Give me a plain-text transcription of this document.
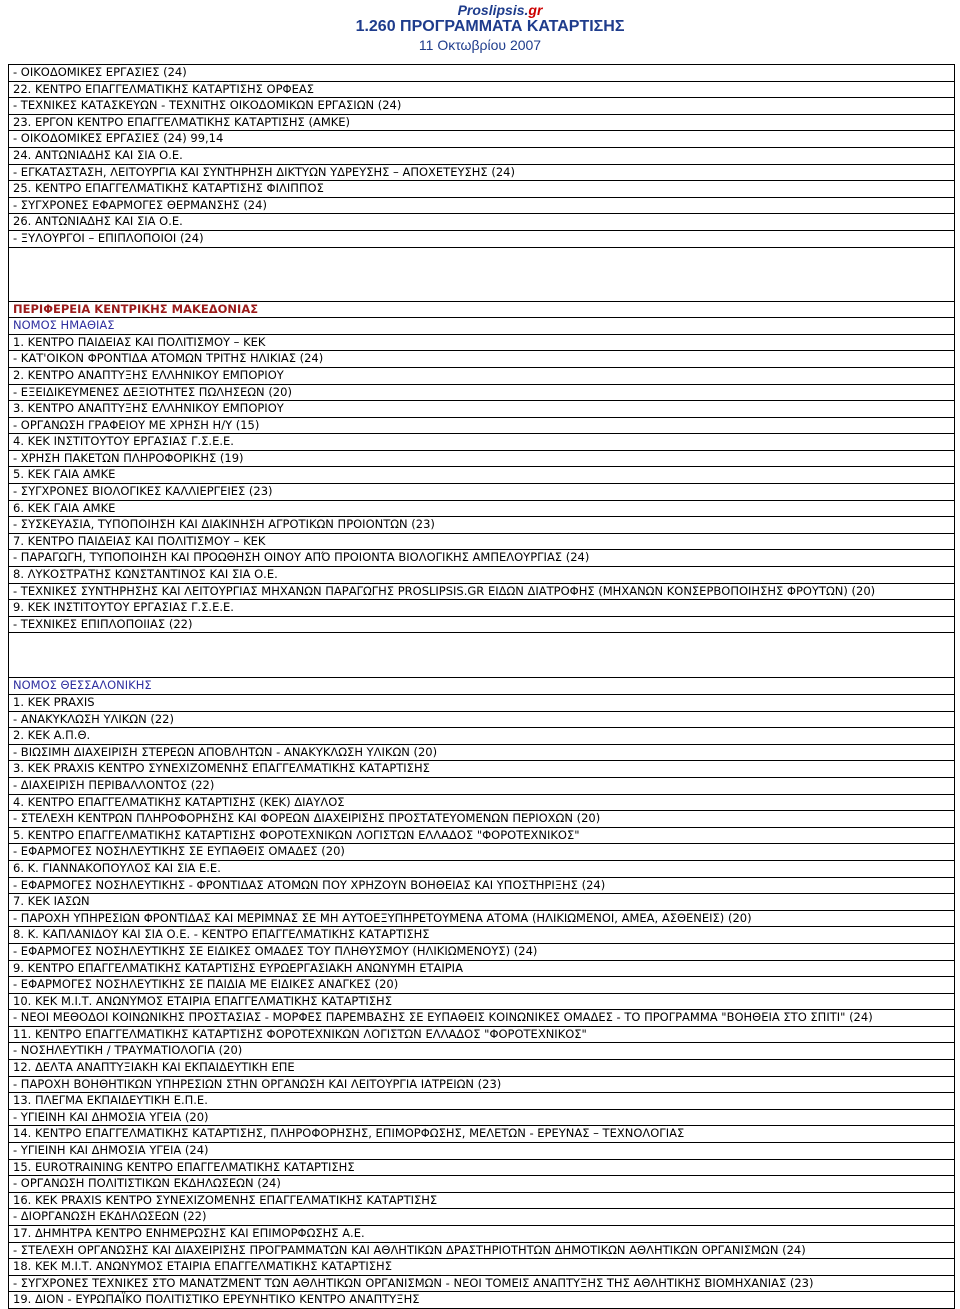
Proslipsis.gr
1.260 ΠΡΟΓΡΑΜΜΑΤΑ ΚΑΤΑΡΤΙΣΗΣ
11 Οκτωβρίου 2007
- ΟΙΚΟΔΟΜΙΚΕΣ ΕΡΓΑΣΙΕΣ (24)
22. ΚΕΝΤΡΟ ΕΠΑΓΓΕΛΜΑΤΙΚΗΣ ΚΑΤΑΡΤΙΣΗΣ ΟΡΦΕΑΣ
- ΤΕΧΝΙΚΕΣ ΚΑΤΑΣΚΕΥΩΝ - ΤΕΧΝΙΤΗΣ ΟΙΚΟΔΟΜΙΚΩΝ ΕΡΓΑΣΙΩΝ (24)
23. ΕΡΓΟΝ ΚΕΝΤΡΟ ΕΠΑΓΓΕΛΜΑΤΙΚΗΣ ΚΑΤΑΡΤΙΣΗΣ (ΑΜΚΕ)
- ΟΙΚΟΔΟΜΙΚΕΣ ΕΡΓΑΣΙΕΣ (24) 99,14
24. ΑΝΤΩΝΙΑΔΗΣ ΚΑΙ ΣΙΑ Ο.Ε.
- ΕΓΚΑΤΑΣΤΑΣΗ, ΛΕΙΤΟΥΡΓΙΑ ΚΑΙ ΣΥΝΤΗΡΗΣΗ ΔΙΚΤΥΩΝ ΥΔΡΕΥΣΗΣ – ΑΠΟΧΕΤΕΥΣΗΣ (24)
25. ΚΕΝΤΡΟ ΕΠΑΓΓΕΛΜΑΤΙΚΗΣ ΚΑΤΑΡΤΙΣΗΣ ΦΙΛΙΠΠΟΣ
- ΣΥΓΧΡΟΝΕΣ ΕΦΑΡΜΟΓΕΣ ΘΕΡΜΑΝΣΗΣ (24)
26. ΑΝΤΩΝΙΑΔΗΣ ΚΑΙ ΣΙΑ Ο.Ε.
- ΞΥΛΟΥΡΓΟΙ – ΕΠΙΠΛΟΠΟΙΟΙ (24)

ΠΕΡΙΦΕΡΕΙΑ ΚΕΝΤΡΙΚΗΣ ΜΑΚΕΔΟΝΙΑΣ
ΝΟΜΟΣ ΗΜΑΘΙΑΣ
1. ΚΕΝΤΡΟ ΠΑΙΔΕΙΑΣ ΚΑΙ ΠΟΛΙΤΙΣΜΟΥ – ΚΕΚ
- ΚΑΤ'ΟΙΚΟΝ ΦΡΟΝΤΙΔΑ ΑΤΟΜΩΝ ΤΡΙΤΗΣ ΗΛΙΚΙΑΣ (24)
2. ΚΕΝΤΡΟ ΑΝΑΠΤΥΞΗΣ ΕΛΛΗΝΙΚΟΥ ΕΜΠΟΡΙΟΥ
- ΕΞΕΙΔΙΚΕΥΜΕΝΕΣ ΔΕΞΙΟΤΗΤΕΣ ΠΩΛΗΣΕΩΝ (20)
3. ΚΕΝΤΡΟ ΑΝΑΠΤΥΞΗΣ ΕΛΛΗΝΙΚΟΥ ΕΜΠΟΡΙΟΥ
- ΟΡΓΑΝΩΣΗ ΓΡΑΦΕΙΟΥ ΜΕ ΧΡΗΣΗ Η/Υ (15)
4. ΚΕΚ ΙΝΣΤΙΤΟΥΤΟΥ ΕΡΓΑΣΙΑΣ Γ.Σ.Ε.Ε.
- ΧΡΗΣΗ ΠΑΚΕΤΩΝ ΠΛΗΡΟΦΟΡΙΚΗΣ (19)
5. ΚΕΚ ΓΑΙΑ ΑΜΚΕ
- ΣΥΓΧΡΟΝΕΣ ΒΙΟΛΟΓΙΚΕΣ ΚΑΛΛΙΕΡΓΕΙΕΣ (23)
6. ΚΕΚ ΓΑΙΑ ΑΜΚΕ
- ΣΥΣΚΕΥΑΣΙΑ, ΤΥΠΟΠΟΙΗΣΗ ΚΑΙ ΔΙΑΚΙΝΗΣΗ ΑΓΡΟΤΙΚΩΝ ΠΡΟΙΟΝΤΩΝ (23)
7. ΚΕΝΤΡΟ ΠΑΙΔΕΙΑΣ ΚΑΙ ΠΟΛΙΤΙΣΜΟΥ – ΚΕΚ
- ΠΑΡΑΓΩΓΗ, ΤΥΠΟΠΟΙΗΣΗ ΚΑΙ ΠΡΟΩΘΗΣΗ ΟΙΝΟΥ ΑΠΌ ΠΡΟΙΟΝΤΑ ΒΙΟΛΟΓΙΚΗΣ ΑΜΠΕΛΟΥΡΓΙΑΣ (24)
8. ΛΥΚΟΣΤΡΑΤΗΣ ΚΩΝΣΤΑΝΤΙΝΟΣ ΚΑΙ ΣΙΑ Ο.Ε.
- ΤΕΧΝΙΚΕΣ ΣΥΝΤΗΡΗΣΗΣ ΚΑΙ ΛΕΙΤΟΥΡΓΙΑΣ ΜΗΧΑΝΩΝ ΠΑΡΑΓΩΓΗΣ PROSLIPSIS.GR ΕΙΔΩΝ ΔΙΑΤΡΟΦΗΣ (ΜΗΧΑΝΩΝ ΚΟΝΣΕΡΒΟΠΟΙΗΣΗΣ ΦΡΟΥΤΩΝ) (20)
9. ΚΕΚ ΙΝΣΤΙΤΟΥΤΟΥ ΕΡΓΑΣΙΑΣ Γ.Σ.Ε.Ε.
- ΤΕΧΝΙΚΕΣ ΕΠΙΠΛΟΠΟΙΙΑΣ (22)

ΝΟΜΟΣ ΘΕΣΣΑΛΟΝΙΚΗΣ
1. ΚΕΚ PRAXIS
- ΑΝΑΚΥΚΛΩΣΗ ΥΛΙΚΩΝ (22)
2. ΚΕΚ Α.Π.Θ.
- ΒΙΩΣΙΜΗ ΔΙΑΧΕΙΡΙΣΗ ΣΤΕΡΕΩΝ ΑΠΟΒΛΗΤΩΝ - ΑΝΑΚΥΚΛΩΣΗ ΥΛΙΚΩΝ (20)
3. ΚΕΚ PRAXIS ΚΕΝΤΡΟ ΣΥΝΕΧΙΖΟΜΕΝΗΣ ΕΠΑΓΓΕΛΜΑΤΙΚΗΣ ΚΑΤΑΡΤΙΣΗΣ
- ΔΙΑΧΕΙΡΙΣΗ ΠΕΡΙΒΑΛΛΟΝΤΟΣ (22)
4. ΚΕΝΤΡΟ ΕΠΑΓΓΕΛΜΑΤΙΚΗΣ ΚΑΤΑΡΤΙΣΗΣ (ΚΕΚ) ΔΙΑΥΛΟΣ
- ΣΤΕΛΕΧΗ ΚΕΝΤΡΩΝ ΠΛΗΡΟΦΟΡΗΣΗΣ ΚΑΙ ΦΟΡΕΩΝ ΔΙΑΧΕΙΡΙΣΗΣ ΠΡΟΣΤΑΤΕΥΟΜΕΝΩΝ ΠΕΡΙΟΧΩΝ (20)
5. ΚΕΝΤΡΟ ΕΠΑΓΓΕΛΜΑΤΙΚΗΣ ΚΑΤΑΡΤΙΣΗΣ ΦΟΡΟΤΕΧΝΙΚΩΝ ΛΟΓΙΣΤΩΝ ΕΛΛΑΔΟΣ "ΦΟΡΟΤΕΧΝΙΚΟΣ"
- ΕΦΑΡΜΟΓΕΣ ΝΟΣΗΛΕΥΤΙΚΗΣ ΣΕ ΕΥΠΑΘΕΙΣ ΟΜΑΔΕΣ (20)
6. Κ. ΓΙΑΝΝΑΚΟΠΟΥΛΟΣ ΚΑΙ ΣΙΑ Ε.Ε.
- ΕΦΑΡΜΟΓΕΣ ΝΟΣΗΛΕΥΤΙΚΗΣ - ΦΡΟΝΤΙΔΑΣ ΑΤΟΜΩΝ ΠΟΥ ΧΡΗΖΟΥΝ ΒΟΗΘΕΙΑΣ ΚΑΙ ΥΠΟΣΤΗΡΙΞΗΣ (24)
7. ΚΕΚ ΙΑΣΩΝ
- ΠΑΡΟΧΗ ΥΠΗΡΕΣΙΩΝ ΦΡΟΝΤΙΔΑΣ ΚΑΙ ΜΕΡΙΜΝΑΣ ΣΕ ΜΗ ΑΥΤΟΕΞΥΠΗΡΕΤΟΥΜΕΝΑ ΑΤΟΜΑ (ΗΛΙΚΙΩΜΕΝΟΙ, ΑΜΕΑ, ΑΣΘΕΝΕΙΣ) (20)
8. Κ. ΚΑΠΛΑΝΙΔΟΥ ΚΑΙ ΣΙΑ Ο.Ε. - ΚΕΝΤΡΟ ΕΠΑΓΓΕΛΜΑΤΙΚΗΣ ΚΑΤΑΡΤΙΣΗΣ
- ΕΦΑΡΜΟΓΕΣ ΝΟΣΗΛΕΥΤΙΚΗΣ ΣΕ ΕΙΔΙΚΕΣ ΟΜΑΔΕΣ ΤΟΥ ΠΛΗΘΥΣΜΟΥ (ΗΛΙΚΙΩΜΕΝΟΥΣ) (24)
9. ΚΕΝΤΡΟ ΕΠΑΓΓΕΛΜΑΤΙΚΗΣ ΚΑΤΑΡΤΙΣΗΣ ΕΥΡΩΕΡΓΑΣΙΑΚΗ ΑΝΩΝΥΜΗ ΕΤΑΙΡΙΑ
- ΕΦΑΡΜΟΓΕΣ ΝΟΣΗΛΕΥΤΙΚΗΣ ΣΕ ΠΑΙΔΙΑ ΜΕ ΕΙΔΙΚΕΣ ΑΝΑΓΚΕΣ (20)
10. ΚΕΚ Μ.Ι.Τ. ΑΝΩΝΥΜΟΣ ΕΤΑΙΡΙΑ ΕΠΑΓΓΕΛΜΑΤΙΚΗΣ ΚΑΤΑΡΤΙΣΗΣ
- ΝΕΟΙ ΜΕΘΟΔΟΙ ΚΟΙΝΩΝΙΚΗΣ ΠΡΟΣΤΑΣΙΑΣ - ΜΟΡΦΕΣ ΠΑΡΕΜΒΑΣΗΣ ΣΕ ΕΥΠΑΘΕΙΣ ΚΟΙΝΩΝΙΚΕΣ ΟΜΑΔΕΣ - ΤΟ ΠΡΟΓΡΑΜΜΑ "ΒΟΗΘΕΙΑ ΣΤΟ ΣΠΙΤΙ" (24)
11. ΚΕΝΤΡΟ ΕΠΑΓΓΕΛΜΑΤΙΚΗΣ ΚΑΤΑΡΤΙΣΗΣ ΦΟΡΟΤΕΧΝΙΚΩΝ ΛΟΓΙΣΤΩΝ ΕΛΛΑΔΟΣ "ΦΟΡΟΤΕΧΝΙΚΟΣ"
- ΝΟΣΗΛΕΥΤΙΚΗ / ΤΡΑΥΜΑΤΙΟΛΟΓΙΑ (20)
12. ΔΕΛΤΑ ΑΝΑΠΤΥΞΙΑΚΗ ΚΑΙ ΕΚΠΑΙΔΕΥΤΙΚΗ ΕΠΕ
- ΠΑΡΟΧΗ ΒΟΗΘΗΤΙΚΩΝ ΥΠΗΡΕΣΙΩΝ ΣΤΗΝ ΟΡΓΑΝΩΣΗ ΚΑΙ ΛΕΙΤΟΥΡΓΙΑ ΙΑΤΡΕΙΩΝ (23)
13. ΠΛΕΓΜΑ ΕΚΠΑΙΔΕΥΤΙΚΗ Ε.Π.Ε.
- ΥΓΙΕΙΝΗ ΚΑΙ ΔΗΜΟΣΙΑ ΥΓΕΙΑ (20)
14. ΚΕΝΤΡΟ ΕΠΑΓΓΕΛΜΑΤΙΚΗΣ ΚΑΤΑΡΤΙΣΗΣ, ΠΛΗΡΟΦΟΡΗΣΗΣ, ΕΠΙΜΟΡΦΩΣΗΣ, ΜΕΛΕΤΩΝ - ΕΡΕΥΝΑΣ – ΤΕΧΝΟΛΟΓΙΑΣ
- ΥΓΙΕΙΝΗ ΚΑΙ ΔΗΜΟΣΙΑ ΥΓΕΙΑ (24)
15. EUROTRAINING ΚΕΝΤΡΟ ΕΠΑΓΓΕΛΜΑΤΙΚΗΣ ΚΑΤΑΡΤΙΣΗΣ
- ΟΡΓΑΝΩΣΗ ΠΟΛΙΤΙΣΤΙΚΩΝ ΕΚΔΗΛΩΣΕΩΝ (24)
16. ΚΕΚ PRAXIS ΚΕΝΤΡΟ ΣΥΝΕΧΙΖΟΜΕΝΗΣ ΕΠΑΓΓΕΛΜΑΤΙΚΗΣ ΚΑΤΑΡΤΙΣΗΣ
- ΔΙΟΡΓΑΝΩΣΗ ΕΚΔΗΛΩΣΕΩΝ (22)
17. ΔΗΜΗΤΡΑ ΚΕΝΤΡΟ ΕΝΗΜΕΡΩΣΗΣ ΚΑΙ ΕΠΙΜΟΡΦΩΣΗΣ Α.Ε.
- ΣΤΕΛΕΧΗ ΟΡΓΑΝΩΣΗΣ ΚΑΙ ΔΙΑΧΕΙΡΙΣΗΣ ΠΡΟΓΡΑΜΜΑΤΩΝ ΚΑΙ ΑΘΛΗΤΙΚΩΝ ΔΡΑΣΤΗΡΙΟΤΗΤΩΝ ΔΗΜΟΤΙΚΩΝ ΑΘΛΗΤΙΚΩΝ ΟΡΓΑΝΙΣΜΩΝ (24)
18. ΚΕΚ Μ.Ι.Τ. ΑΝΩΝΥΜΟΣ ΕΤΑΙΡΙΑ ΕΠΑΓΓΕΛΜΑΤΙΚΗΣ ΚΑΤΑΡΤΙΣΗΣ
- ΣΥΓΧΡΟΝΕΣ ΤΕΧΝΙΚΕΣ ΣΤΟ ΜΑΝΑΤΖΜΕΝΤ ΤΩΝ ΑΘΛΗΤΙΚΩΝ ΟΡΓΑΝΙΣΜΩΝ - ΝΕΟΙ ΤΟΜΕΙΣ ΑΝΑΠΤΥΞΗΣ ΤΗΣ ΑΘΛΗΤΙΚΗΣ ΒΙΟΜΗΧΑΝΙΑΣ (23)
19. ΔΙΟΝ - ΕΥΡΩΠΑΪΚΟ ΠΟΛΙΤΙΣΤΙΚΟ ΕΡΕΥΝΗΤΙΚΟ ΚΕΝΤΡΟ ΑΝΑΠΤΥΞΗΣ
